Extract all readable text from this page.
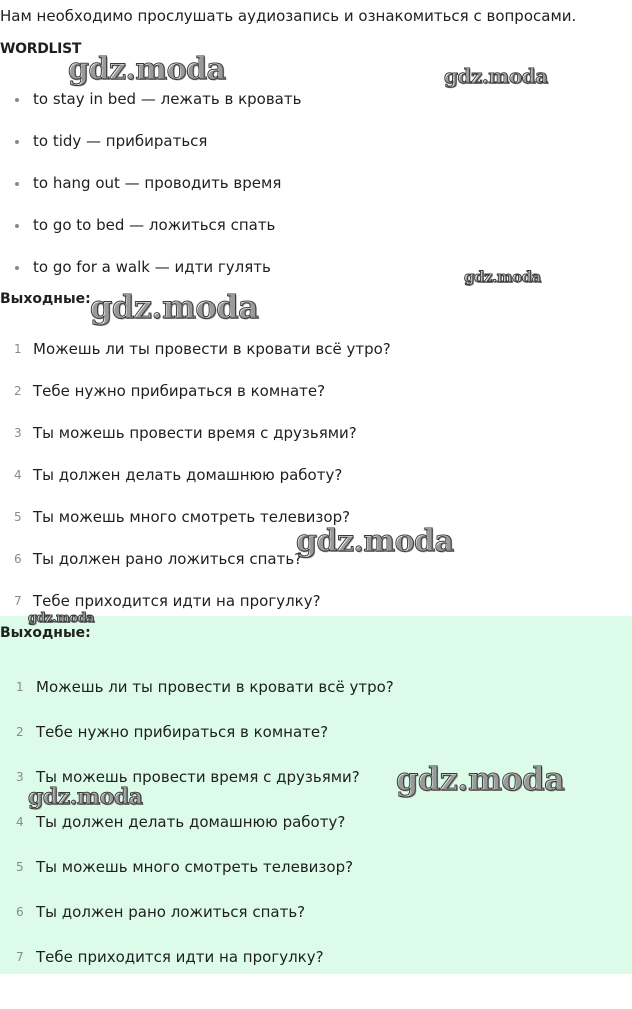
Нам необходимо прослушать аудиозапись и ознакомиться с вопросами.
WORDLIST
to stay in bed — лежать в кровать
to tidy — прибираться
to hang out — проводить время
to go to bed — ложиться спать
to go for a walk — идти гулять
Выходные:
1 Можешь ли ты провести в кровати всё утро?
2 Тебе нужно прибираться в комнате?
3 Ты можешь провести время с друзьями?
4 Ты должен делать домашнюю работу?
5 Ты можешь много смотреть телевизор?
6 Ты должен рано ложиться спать?
7 Тебе приходится идти на прогулку?
Выходные:
1 Можешь ли ты провести в кровати всё утро?
2 Тебе нужно прибираться в комнате?
3 Ты можешь провести время с друзьями?
4 Ты должен делать домашнюю работу?
5 Ты можешь много смотреть телевизор?
6 Ты должен рано ложиться спать?
7 Тебе приходится идти на прогулку?
gdz.moda	gdz.moda
gdz.moda
gdz.moda
gdz.moda
gdz.moda
gdz.moda
gdz.moda
